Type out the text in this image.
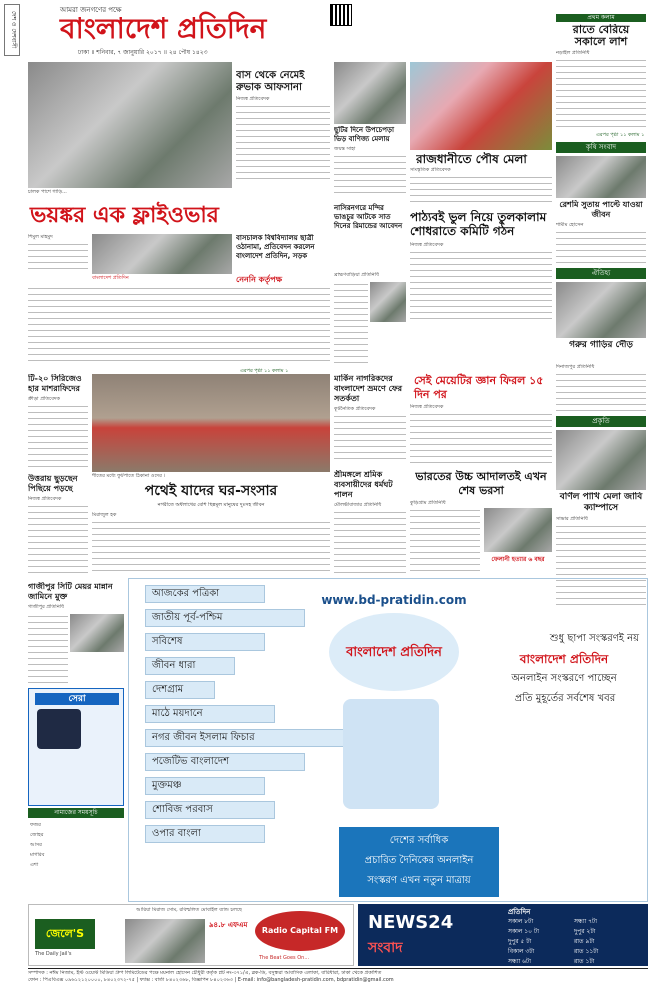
দেশ ও দেশবাসী
আমরা জনগণের পক্ষে
বাংলাদেশ প্রতিদিন
ঢাকা ॥ শনিবার, ৭ জানুয়ারি ২০১৭ ॥ ২৪ পৌষ ১৪২৩
প্রথম কলাম
রাতে বেরিয়ে সকালে লাশ
নড়াইল প্রতিনিধি
এরপর পৃষ্ঠা ১১ কলাম ১
চালক পাশে গাড়ি...
বাস থেকে নেমেই রুভাক আফসানা
নিজস্ব প্রতিবেদক
ছুটির দিনে উপচেপড়া ভিড় বাণিজ্য মেলায়
জয়ন্ত সাহা
রাজধানীতে পৌষ মেলা
সাংস্কৃতিক প্রতিবেদক
কৃষি সংবাদ
রেশমি সুতায় পাল্টে যাওয়া জীবন
শামীম হোসেন
ভয়ঙ্কর এক ফ্লাইওভার
শিমুল মাহমুদ
বাংলাদেশ প্রতিদিন
বাসচালক বিশ্ববিদ্যালয় ছাত্রী ওঠানামা, প্রতিবেদন করলেন বাংলাদেশ প্রতিদিন, সড়ক
নেননি কর্তৃপক্ষ
এরপর পৃষ্ঠা ১১ কলাম ১
নাসিরনগরে মন্দির ভাঙচুর আটকে সাত দিনের রিমান্ডের আবেদন
ব্রাহ্মণবাড়িয়া প্রতিনিধি
পাঠ্যবই ভুল নিয়ে তুলকালাম শোধরাতে কমিটি গঠন
নিজস্ব প্রতিবেদক
ঐতিহ্য
গরুর গাড়ির দৌড়
দিনাজপুর প্রতিনিধি
টি-২০ সিরিজেও হার মাশরাফিদের
ক্রীড়া প্রতিবেদক
শীতের মধ্যে ফুটপাতে ঠিকানা ওদের ।
মার্কিন নাগরিকদের বাংলাদেশ ভ্রমণে ফের সতর্কতা
কূটনৈতিক প্রতিবেদক
সেই মেয়েটির জ্ঞান ফিরল ১৫ দিন পর
নিজস্ব প্রতিবেদক
প্রকৃতি
বর্ণিল পাখি মেলা জাবি ক্যাম্পাসে
সাভার প্রতিনিধি
উত্তরায় ছুড়ছেন পিছিয়ে পড়ছে
নিজস্ব প্রতিবেদক	পথেই যাদের ঘর-সংসার
নগরীতে অর্ধলাখের বেশি ছিন্নমূল মানুষের দুঃসহ জীবন
মিরাজুল হক
শ্রীমঙ্গলে শ্রমিক ব্যবসায়ীদের ধর্মঘট পালন
মৌলভীবাজার প্রতিনিধি
ভারতের উচ্চ আদালতই এখন শেষ ভরসা
কুড়িগ্রাম প্রতিনিধি
ফেলানী হত্যার ৬ বছর
গাজীপুর সিটি মেয়র মান্নান জামিনে মুক্ত
গাজীপুর প্রতিনিধি
সেরা
নামাজের সময়সূচি
ফজর
জোহর
আসর
মাগরিব
এশা
আজকের পত্রিকা
জাতীয় পূর্ব-পশ্চিম
সবিশেষ
জীবন ধারা
দেশগ্রাম
মাঠে ময়দানে
নগর জীবন ইসলাম ফিচার
পজেটিভ বাংলাদেশ
মুক্তমঞ্চ
শোবিজ পরবাস
ওপার বাংলা
www.bd-pratidin.com
বাংলাদেশ প্রতিদিন
শুধু ছাপা সংস্করণই নয়
বাংলাদেশ প্রতিদিন
অনলাইন সংস্করণে পাচ্ছেন
প্রতি মুহূর্তের সর্বশেষ খবর
দেশের সর্বাধিক
প্রচারিত দৈনিকের অনলাইন
সংস্করণ এখন নতুন মাত্রায়
আরিয়া মিরাজ সোম, রবিশ্চলিত মোবাইল ব্যান্ড চলছে
জেলে'S
The Daily Jail's
৯৪.৮ এফএম
Radio Capital FM
The Beat Goes On...
NEWS24
সংবাদ
প্রতিদিন
সকাল ৮টা	সন্ধ্যা ৭টা
সকাল ১০ টা	দুপুর ২টা
দুপুর ৫ টা	রাত ৯টা
বিকাল ৩টা	রাত ১১টা
সন্ধ্যা ৬টা	রাত ১টা
সম্পাদক : নঈম নিজাম, ইস্ট ওয়েস্ট মিডিয়া গ্রুপ লিমিটেডের পক্ষে ময়নাল হোসেন চৌধুরী কর্তৃক প্লট নং-৩৭১/এ, ব্লক-ডি, বসুন্ধরা আবাসিক এলাকা, বারিধারা, ঢাকা থেকে প্রকাশিত
ফোন : পিএবিএক্স ০৯৬১২১২০০০০, ৮৪০২৩৭২-৭৫ | ফ্যাক্স : বার্তা ৮৪০২৩৬৮, বিজ্ঞাপন ৮৪০২৩৬৩ | E-mail: info@bangladesh-pratidin.com, bdpratidin@gmail.com
